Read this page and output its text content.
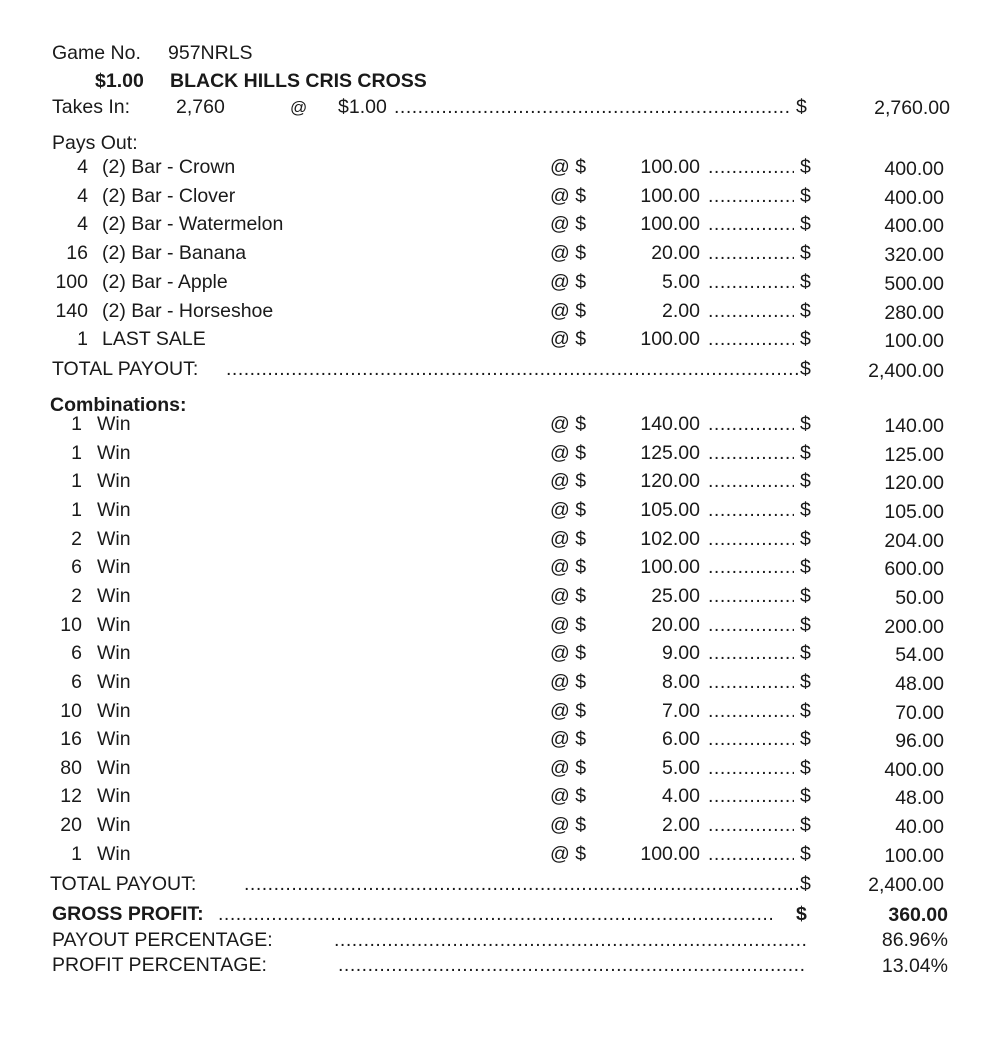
Game No. 957NRLS
$1.00 BLACK HILLS CRIS CROSS
Takes In: 2,760	@ $1.00 .....	$	2,760.00
Pays Out:
4 (2) Bar - Crown	@ $	100.00 .....	$	400.00
4 (2) Bar - Clover	@ $	100.00 .....	$	400.00
4 (2) Bar - Watermelon	@ $	100.00 .....	$	400.00
16 (2) Bar - Banana	@ $	20.00 .....	$	320.00
100 (2) Bar - Apple	@ $	5.00 .....	$	500.00
140 (2) Bar - Horseshoe	@ $	2.00 .....	$	280.00
1 LAST SALE	@ $	100.00 .....	$	100.00
TOTAL PAYOUT: .....	$	2,400.00
Combinations:
1 Win	@ $	140.00 .....	$	140.00
1 Win	@ $	125.00 .....	$	125.00
1 Win	@ $	120.00 .....	$	120.00
1 Win	@ $	105.00 .....	$	105.00
2 Win	@ $	102.00 .....	$	204.00
6 Win	@ $	100.00 .....	$	600.00
2 Win	@ $	25.00 .....	$	50.00
10 Win	@ $	20.00 .....	$	200.00
6 Win	@ $	9.00 .....	$	54.00
6 Win	@ $	8.00 .....	$	48.00
10 Win	@ $	7.00 .....	$	70.00
16 Win	@ $	6.00 .....	$	96.00
80 Win	@ $	5.00 .....	$	400.00
12 Win	@ $	4.00 .....	$	48.00
20 Win	@ $	2.00 .....	$	40.00
1 Win	@ $	100.00 .....	$	100.00
TOTAL PAYOUT: .....	$	2,400.00
GROSS PROFIT: .....	$	360.00
PAYOUT PERCENTAGE: .....	86.96%
PROFIT PERCENTAGE: .....	13.04%
